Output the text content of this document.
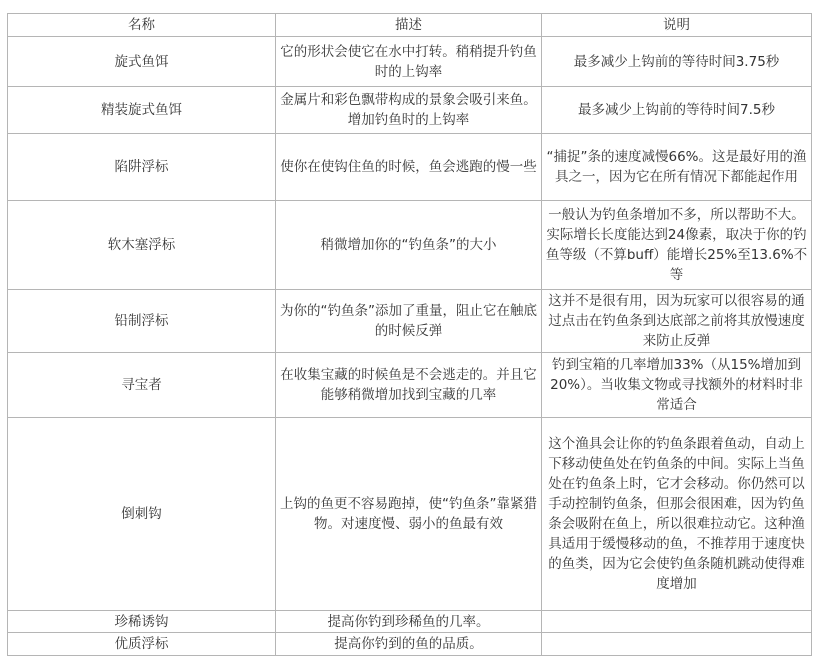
名称	描述	说明
旋式鱼饵	它的形状会使它在水中打转。稍稍提升钓鱼时的上钩率	最多减少上钩前的等待时间3.75秒
精装旋式鱼饵	金属片和彩色飘带构成的景象会吸引来鱼。增加钓鱼时的上钩率	最多减少上钩前的等待时间7.5秒
陷阱浮标	使你在使钩住鱼的时候，鱼会逃跑的慢一些	“捕捉”条的速度减慢66%。这是最好用的渔具之一，因为它在所有情况下都能起作用
软木塞浮标	稍微增加你的“钓鱼条”的大小	一般认为钓鱼条增加不多，所以帮助不大。实际增长长度能达到24像素，取决于你的钓鱼等级（不算buff）能增长25%至13.6%不等
铅制浮标	为你的“钓鱼条”添加了重量，阻止它在触底的时候反弹	这并不是很有用，因为玩家可以很容易的通过点击在钓鱼条到达底部之前将其放慢速度来防止反弹
寻宝者	在收集宝藏的时候鱼是不会逃走的。并且它能够稍微增加找到宝藏的几率	钓到宝箱的几率增加33%（从15%增加到20%）。当收集文物或寻找额外的材料时非常适合
倒刺钩	上钩的鱼更不容易跑掉，使“钓鱼条”靠紧猎物。对速度慢、弱小的鱼最有效	这个渔具会让你的钓鱼条跟着鱼动，自动上下移动使鱼处在钓鱼条的中间。实际上当鱼处在钓鱼条上时，它才会移动。你仍然可以手动控制钓鱼条，但那会很困难，因为钓鱼条会吸附在鱼上，所以很难拉动它。这种渔具适用于缓慢移动的鱼，不推荐用于速度快的鱼类，因为它会使钓鱼条随机跳动使得难度增加
珍稀诱钩	提高你钓到珍稀鱼的几率。	
优质浮标	提高你钓到的鱼的品质。	
